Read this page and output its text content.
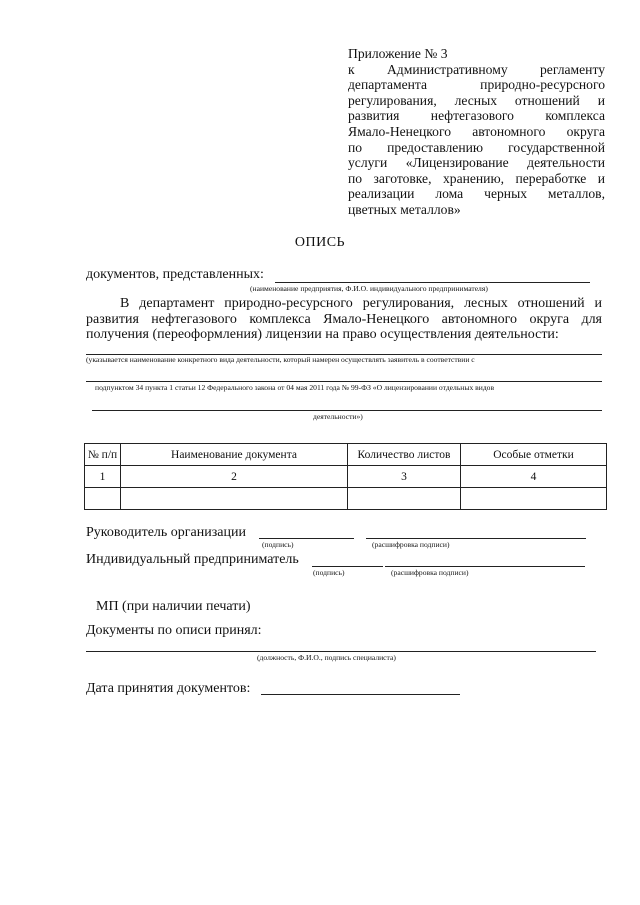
Приложение № 3
к Административному регламенту
департамента природно-ресурсного
регулирования, лесных отношений и
развития нефтегазового комплекса
Ямало-Ненецкого автономного округа
по предоставлению государственной
услуги «Лицензирование деятельности
по заготовке, хранению, переработке и
реализации лома черных металлов,
цветных металлов»
ОПИСЬ
документов, представленных:
(наименование предприятия, Ф.И.О. индивидуального предпринимателя)
В департамент природно-ресурсного регулирования, лесных отношений и
развития нефтегазового комплекса Ямало-Ненецкого автономного округа для
получения (переоформления) лицензии на право осуществления деятельности:
(указывается наименование конкретного вида деятельности, который намерен осуществлять заявитель в соответствии с
подпунктом 34 пункта 1 статьи 12 Федерального закона от 04 мая 2011 года № 99-ФЗ «О лицензировании отдельных видов
деятельности»)
№ п/п	Наименование документа	Количество листов	Особые отметки
1	2	3	4

Руководитель организации
(подпись)	(расшифровка подписи)
Индивидуальный предприниматель
(подпись)	(расшифровка подписи)
МП (при наличии печати)
Документы по описи принял:
(должность, Ф.И.О., подпись специалиста)
Дата принятия документов:
